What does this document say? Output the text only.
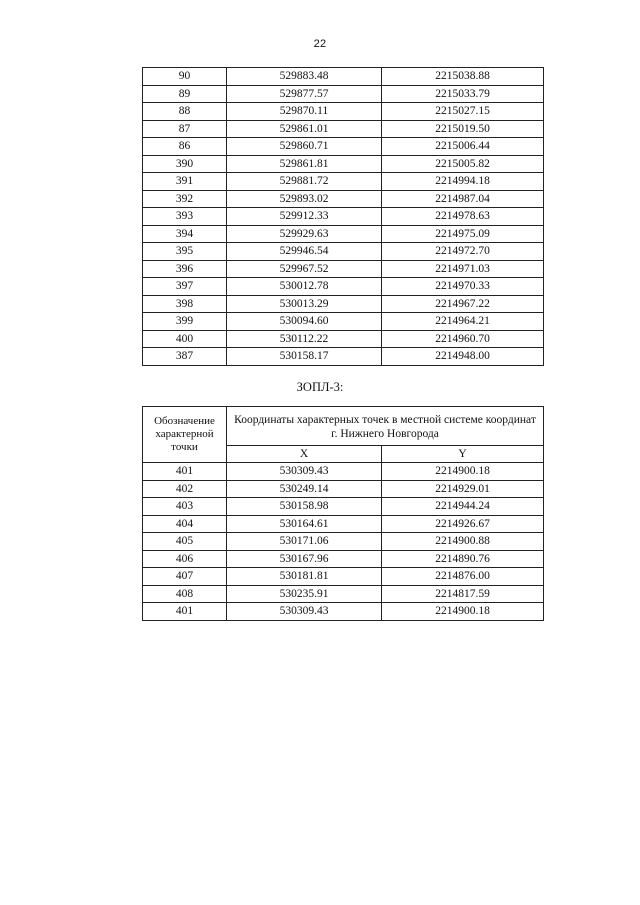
22
90	529883.48	2215038.88
89	529877.57	2215033.79
88	529870.11	2215027.15
87	529861.01	2215019.50
86	529860.71	2215006.44
390	529861.81	2215005.82
391	529881.72	2214994.18
392	529893.02	2214987.04
393	529912.33	2214978.63
394	529929.63	2214975.09
395	529946.54	2214972.70
396	529967.52	2214971.03
397	530012.78	2214970.33
398	530013.29	2214967.22
399	530094.60	2214964.21
400	530112.22	2214960.70
387	530158.17	2214948.00
ЗОПЛ-3:
Обозначение характерной точки	Координаты характерных точек в местной системе координат г. Нижнего Новгорода	
	X	Y
401	530309.43	2214900.18
402	530249.14	2214929.01
403	530158.98	2214944.24
404	530164.61	2214926.67
405	530171.06	2214900.88
406	530167.96	2214890.76
407	530181.81	2214876.00
408	530235.91	2214817.59
401	530309.43	2214900.18
